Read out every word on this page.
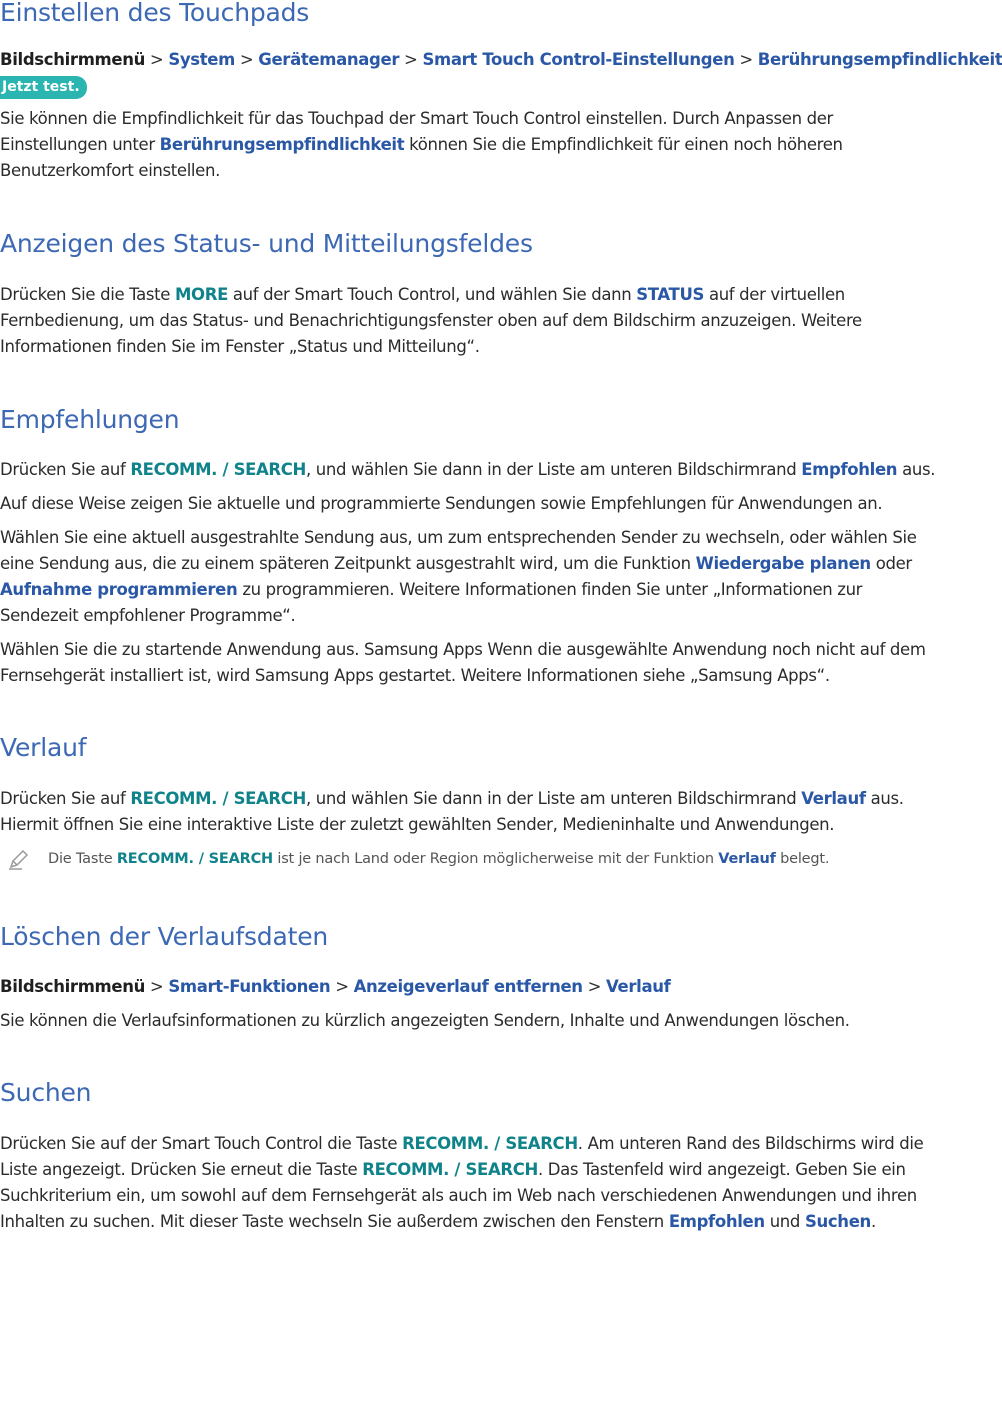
Einstellen des Touchpads

Bildschirmmenü > System > Gerätemanager > Smart Touch Control-Einstellungen > Berührungsempfindlichkeit

Jetzt test.

Sie können die Empfindlichkeit für das Touchpad der Smart Touch Control einstellen. Durch Anpassen der Einstellungen unter Berührungsempfindlichkeit können Sie die Empfindlichkeit für einen noch höheren Benutzerkomfort einstellen.

Anzeigen des Status- und Mitteilungsfeldes

Drücken Sie die Taste MORE auf der Smart Touch Control, und wählen Sie dann STATUS auf der virtuellen Fernbedienung, um das Status- und Benachrichtigungsfenster oben auf dem Bildschirm anzuzeigen. Weitere Informationen finden Sie im Fenster „Status und Mitteilung“.

Empfehlungen

Drücken Sie auf RECOMM. / SEARCH, und wählen Sie dann in der Liste am unteren Bildschirmrand Empfohlen aus.

Auf diese Weise zeigen Sie aktuelle und programmierte Sendungen sowie Empfehlungen für Anwendungen an.

Wählen Sie eine aktuell ausgestrahlte Sendung aus, um zum entsprechenden Sender zu wechseln, oder wählen Sie eine Sendung aus, die zu einem späteren Zeitpunkt ausgestrahlt wird, um die Funktion Wiedergabe planen oder Aufnahme programmieren zu programmieren. Weitere Informationen finden Sie unter „Informationen zur Sendezeit empfohlener Programme“.

Wählen Sie die zu startende Anwendung aus. Samsung Apps Wenn die ausgewählte Anwendung noch nicht auf dem Fernsehgerät installiert ist, wird Samsung Apps gestartet. Weitere Informationen siehe „Samsung Apps“.

Verlauf

Drücken Sie auf RECOMM. / SEARCH, und wählen Sie dann in der Liste am unteren Bildschirmrand Verlauf aus. Hiermit öffnen Sie eine interaktive Liste der zuletzt gewählten Sender, Medieninhalte und Anwendungen.

Die Taste RECOMM. / SEARCH ist je nach Land oder Region möglicherweise mit der Funktion Verlauf belegt.
Löschen der Verlaufsdaten

Bildschirmmenü > Smart-Funktionen > Anzeigeverlauf entfernen > Verlauf

Sie können die Verlaufsinformationen zu kürzlich angezeigten Sendern, Inhalte und Anwendungen löschen.

Suchen

Drücken Sie auf der Smart Touch Control die Taste RECOMM. / SEARCH. Am unteren Rand des Bildschirms wird die Liste angezeigt. Drücken Sie erneut die Taste RECOMM. / SEARCH. Das Tastenfeld wird angezeigt. Geben Sie ein Suchkriterium ein, um sowohl auf dem Fernsehgerät als auch im Web nach verschiedenen Anwendungen und ihren Inhalten zu suchen. Mit dieser Taste wechseln Sie außerdem zwischen den Fenstern Empfohlen und Suchen.
